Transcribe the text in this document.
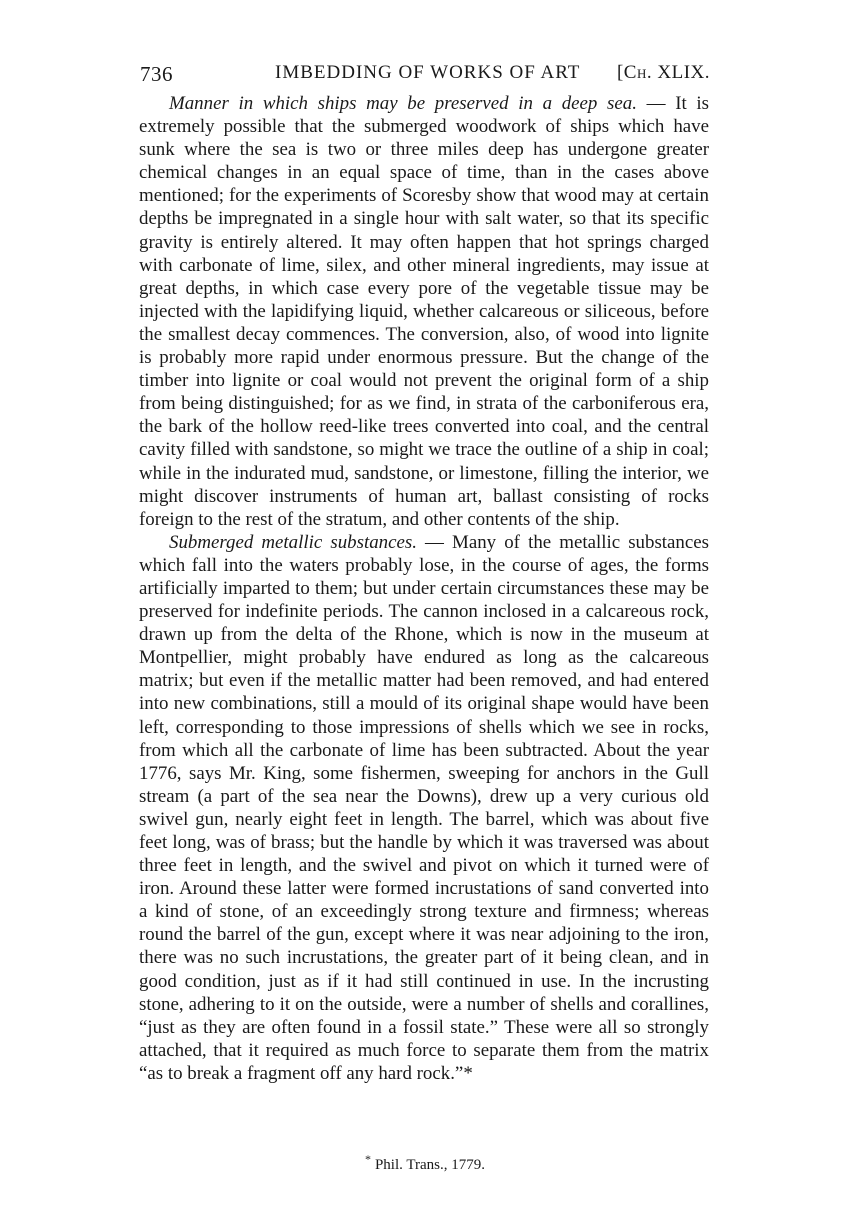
736	IMBEDDING OF WORKS OF ART [Ch. XLIX.

Manner in which ships may be preserved in a deep sea. — It is extremely possible that the submerged woodwork of ships which have sunk where the sea is two or three miles deep has undergone greater chemical changes in an equal space of time, than in the cases above mentioned; for the experiments of Scoresby show that wood may at certain depths be impregnated in a single hour with salt water, so that its specific gravity is entirely altered. It may often happen that hot springs charged with carbonate of lime, silex, and other mineral ingredients, may issue at great depths, in which case every pore of the vegetable tissue may be injected with the lapidifying liquid, whether calcareous or siliceous, before the smallest decay commences. The conversion, also, of wood into lignite is probably more rapid under enormous pressure. But the change of the timber into lignite or coal would not prevent the original form of a ship from being distinguished; for as we find, in strata of the carboniferous era, the bark of the hollow reed-like trees converted into coal, and the central cavity filled with sandstone, so might we trace the outline of a ship in coal; while in the indurated mud, sandstone, or limestone, filling the interior, we might discover instruments of human art, ballast consisting of rocks foreign to the rest of the stratum, and other contents of the ship.

Submerged metallic substances. — Many of the metallic substances which fall into the waters probably lose, in the course of ages, the forms artificially imparted to them; but under certain circumstances these may be preserved for indefinite periods. The cannon inclosed in a calcareous rock, drawn up from the delta of the Rhone, which is now in the museum at Montpellier, might probably have endured as long as the calcareous matrix; but even if the metallic matter had been removed, and had entered into new combinations, still a mould of its original shape would have been left, corresponding to those impressions of shells which we see in rocks, from which all the carbonate of lime has been subtracted. About the year 1776, says Mr. King, some fishermen, sweeping for anchors in the Gull stream (a part of the sea near the Downs), drew up a very curious old swivel gun, nearly eight feet in length. The barrel, which was about five feet long, was of brass; but the handle by which it was traversed was about three feet in length, and the swivel and pivot on which it turned were of iron. Around these latter were formed incrustations of sand converted into a kind of stone, of an exceedingly strong texture and firmness; whereas round the barrel of the gun, except where it was near adjoining to the iron, there was no such incrustations, the greater part of it being clean, and in good condition, just as if it had still continued in use. In the incrusting stone, adhering to it on the outside, were a number of shells and corallines, “just as they are often found in a fossil state.” These were all so strongly attached, that it required as much force to separate them from the matrix “as to break a fragment off any hard rock.”*

* Phil. Trans., 1779.
